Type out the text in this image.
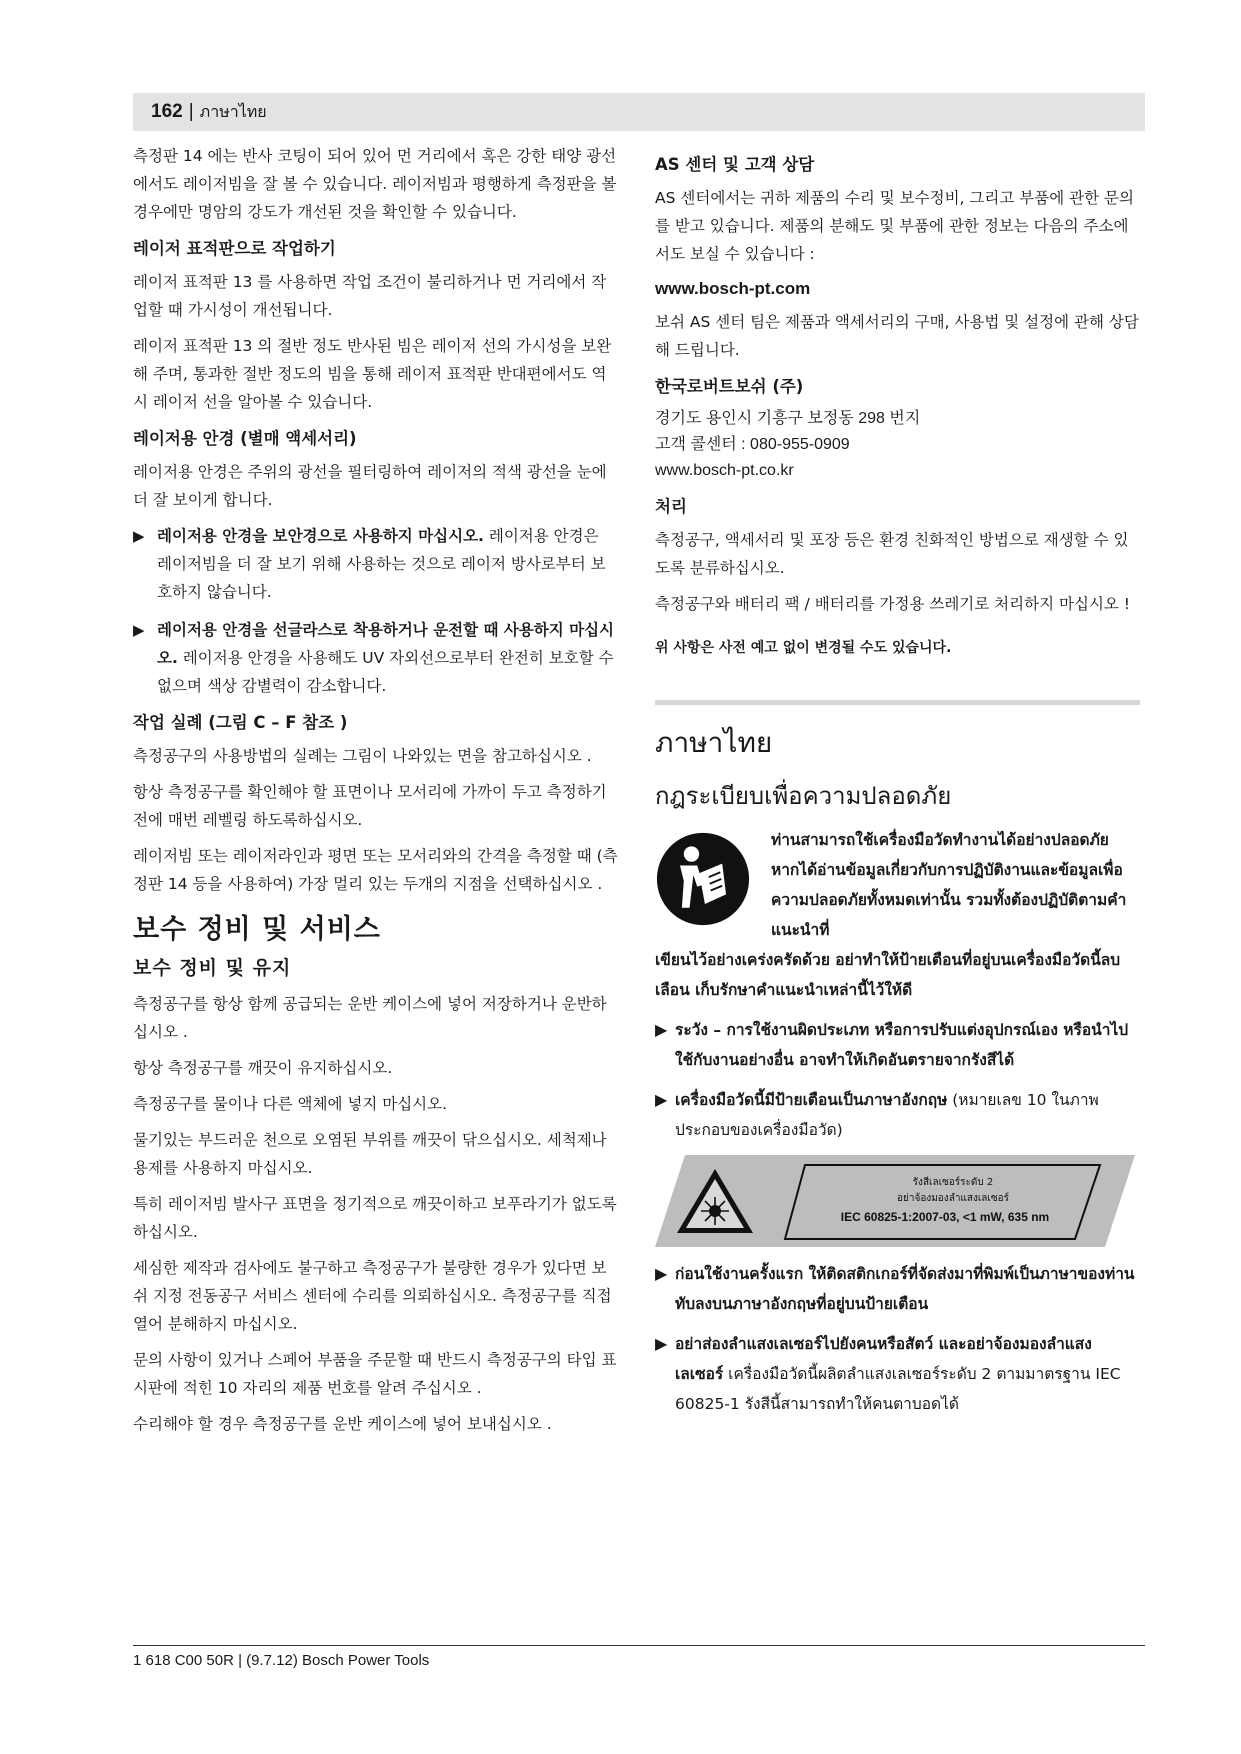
162 | ภาษาไทย

측정판 14 에는 반사 코팅이 되어 있어 먼 거리에서 혹은 강한 태양 광선에서도 레이저빔을 잘 볼 수 있습니다. 레이저빔과 평행하게 측정판을 볼 경우에만 명암의 강도가 개선된 것을 확인할 수 있습니다.

레이저 표적판으로 작업하기

레이저 표적판 13 를 사용하면 작업 조건이 불리하거나 먼 거리에서 작업할 때 가시성이 개선됩니다.

레이저 표적판 13 의 절반 정도 반사된 빔은 레이저 선의 가시성을 보완해 주며, 통과한 절반 정도의 빔을 통해 레이저 표적판 반대편에서도 역시 레이저 선을 알아볼 수 있습니다.

레이저용 안경 (별매 액세서리)

레이저용 안경은 주위의 광선을 필터링하여 레이저의 적색 광선을 눈에 더 잘 보이게 합니다.

▶ 레이저용 안경을 보안경으로 사용하지 마십시오. 레이저용 안경은 레이저빔을 더 잘 보기 위해 사용하는 것으로 레이저 방사로부터 보호하지 않습니다.
▶ 레이저용 안경을 선글라스로 착용하거나 운전할 때 사용하지 마십시오. 레이저용 안경을 사용해도 UV 자외선으로부터 완전히 보호할 수 없으며 색상 감별력이 감소합니다.
작업 실례 (그림 C – F 참조 )

측정공구의 사용방법의 실례는 그림이 나와있는 면을 참고하십시오 .

항상 측정공구를 확인해야 할 표면이나 모서리에 가까이 두고 측정하기 전에 매번 레벨링 하도록하십시오.

레이저빔 또는 레이저라인과 평면 또는 모서리와의 간격을 측정할 때 (측정판 14 등을 사용하여) 가장 멀리 있는 두개의 지점을 선택하십시오 .

보수 정비 및 서비스
보수 정비 및 유지

측정공구를 항상 함께 공급되는 운반 케이스에 넣어 저장하거나 운반하십시오 .

항상 측정공구를 깨끗이 유지하십시오.

측정공구를 물이나 다른 액체에 넣지 마십시오.

물기있는 부드러운 천으로 오염된 부위를 깨끗이 닦으십시오. 세척제나 용제를 사용하지 마십시오.

특히 레이저빔 발사구 표면을 정기적으로 깨끗이하고 보푸라기가 없도록 하십시오.

세심한 제작과 검사에도 불구하고 측정공구가 불량한 경우가 있다면 보쉬 지정 전동공구 서비스 센터에 수리를 의뢰하십시오. 측정공구를 직접 열어 분해하지 마십시오.

문의 사항이 있거나 스페어 부품을 주문할 때 반드시 측정공구의 타입 표시판에 적힌 10 자리의 제품 번호를 알려 주십시오 .

수리해야 할 경우 측정공구를 운반 케이스에 넣어 보내십시오 .

AS 센터 및 고객 상담

AS 센터에서는 귀하 제품의 수리 및 보수정비, 그리고 부품에 관한 문의를 받고 있습니다. 제품의 분해도 및 부품에 관한 정보는 다음의 주소에서도 보실 수 있습니다 :

www.bosch-pt.com

보쉬 AS 센터 팀은 제품과 액세서리의 구매, 사용법 및 설정에 관해 상담해 드립니다.

한국로버트보쉬 (주)
경기도 용인시 기흥구 보정동 298 번지
고객 콜센터 : 080-955-0909
www.bosch-pt.co.kr
처리

측정공구, 액세서리 및 포장 등은 환경 친화적인 방법으로 재생할 수 있도록 분류하십시오.

측정공구와 배터리 팩 / 배터리를 가정용 쓰레기로 처리하지 마십시오 !

위 사항은 사전 예고 없이 변경될 수도 있습니다.
ภาษาไทย
กฎระเบียบเพื่อความปลอดภัย
ท่านสามารถใช้เครื่องมือวัดทำงานได้อย่างปลอดภัย หากได้อ่านข้อมูลเกี่ยวกับการปฏิบัติงานและข้อมูลเพื่อความปลอดภัยทั้งหมดเท่านั้น รวมทั้งต้องปฏิบัติตามคำแนะนำที่
เขียนไว้อย่างเคร่งครัดด้วย อย่าทำให้ป้ายเตือนที่อยู่บนเครื่องมือวัดนี้ลบเลือน เก็บรักษาคำแนะนำเหล่านี้ไว้ให้ดี
▶ ระวัง – การใช้งานผิดประเภท หรือการปรับแต่งอุปกรณ์เอง หรือนำไปใช้กับงานอย่างอื่น อาจทำให้เกิดอันตรายจากรังสีได้
▶ เครื่องมือวัดนี้มีป้ายเตือนเป็นภาษาอังกฤษ (หมายเลข 10 ในภาพประกอบของเครื่องมือวัด)
รังสีเลเซอร์ระดับ 2
อย่าจ้องมองลำแสงเลเซอร์
IEC 60825-1:2007-03, <1 mW, 635 nm
▶ ก่อนใช้งานครั้งแรก ให้ติดสติกเกอร์ที่จัดส่งมาที่พิมพ์เป็นภาษาของท่าน ทับลงบนภาษาอังกฤษที่อยู่บนป้ายเตือน
▶ อย่าส่องลำแสงเลเซอร์ไปยังคนหรือสัตว์ และอย่าจ้องมองลำแสงเลเซอร์ เครื่องมือวัดนี้ผลิตลำแสงเลเซอร์ระดับ 2 ตามมาตรฐาน IEC 60825-1 รังสีนี้สามารถทำให้คนตาบอดได้
1 618 C00 50R | (9.7.12) Bosch Power Tools
